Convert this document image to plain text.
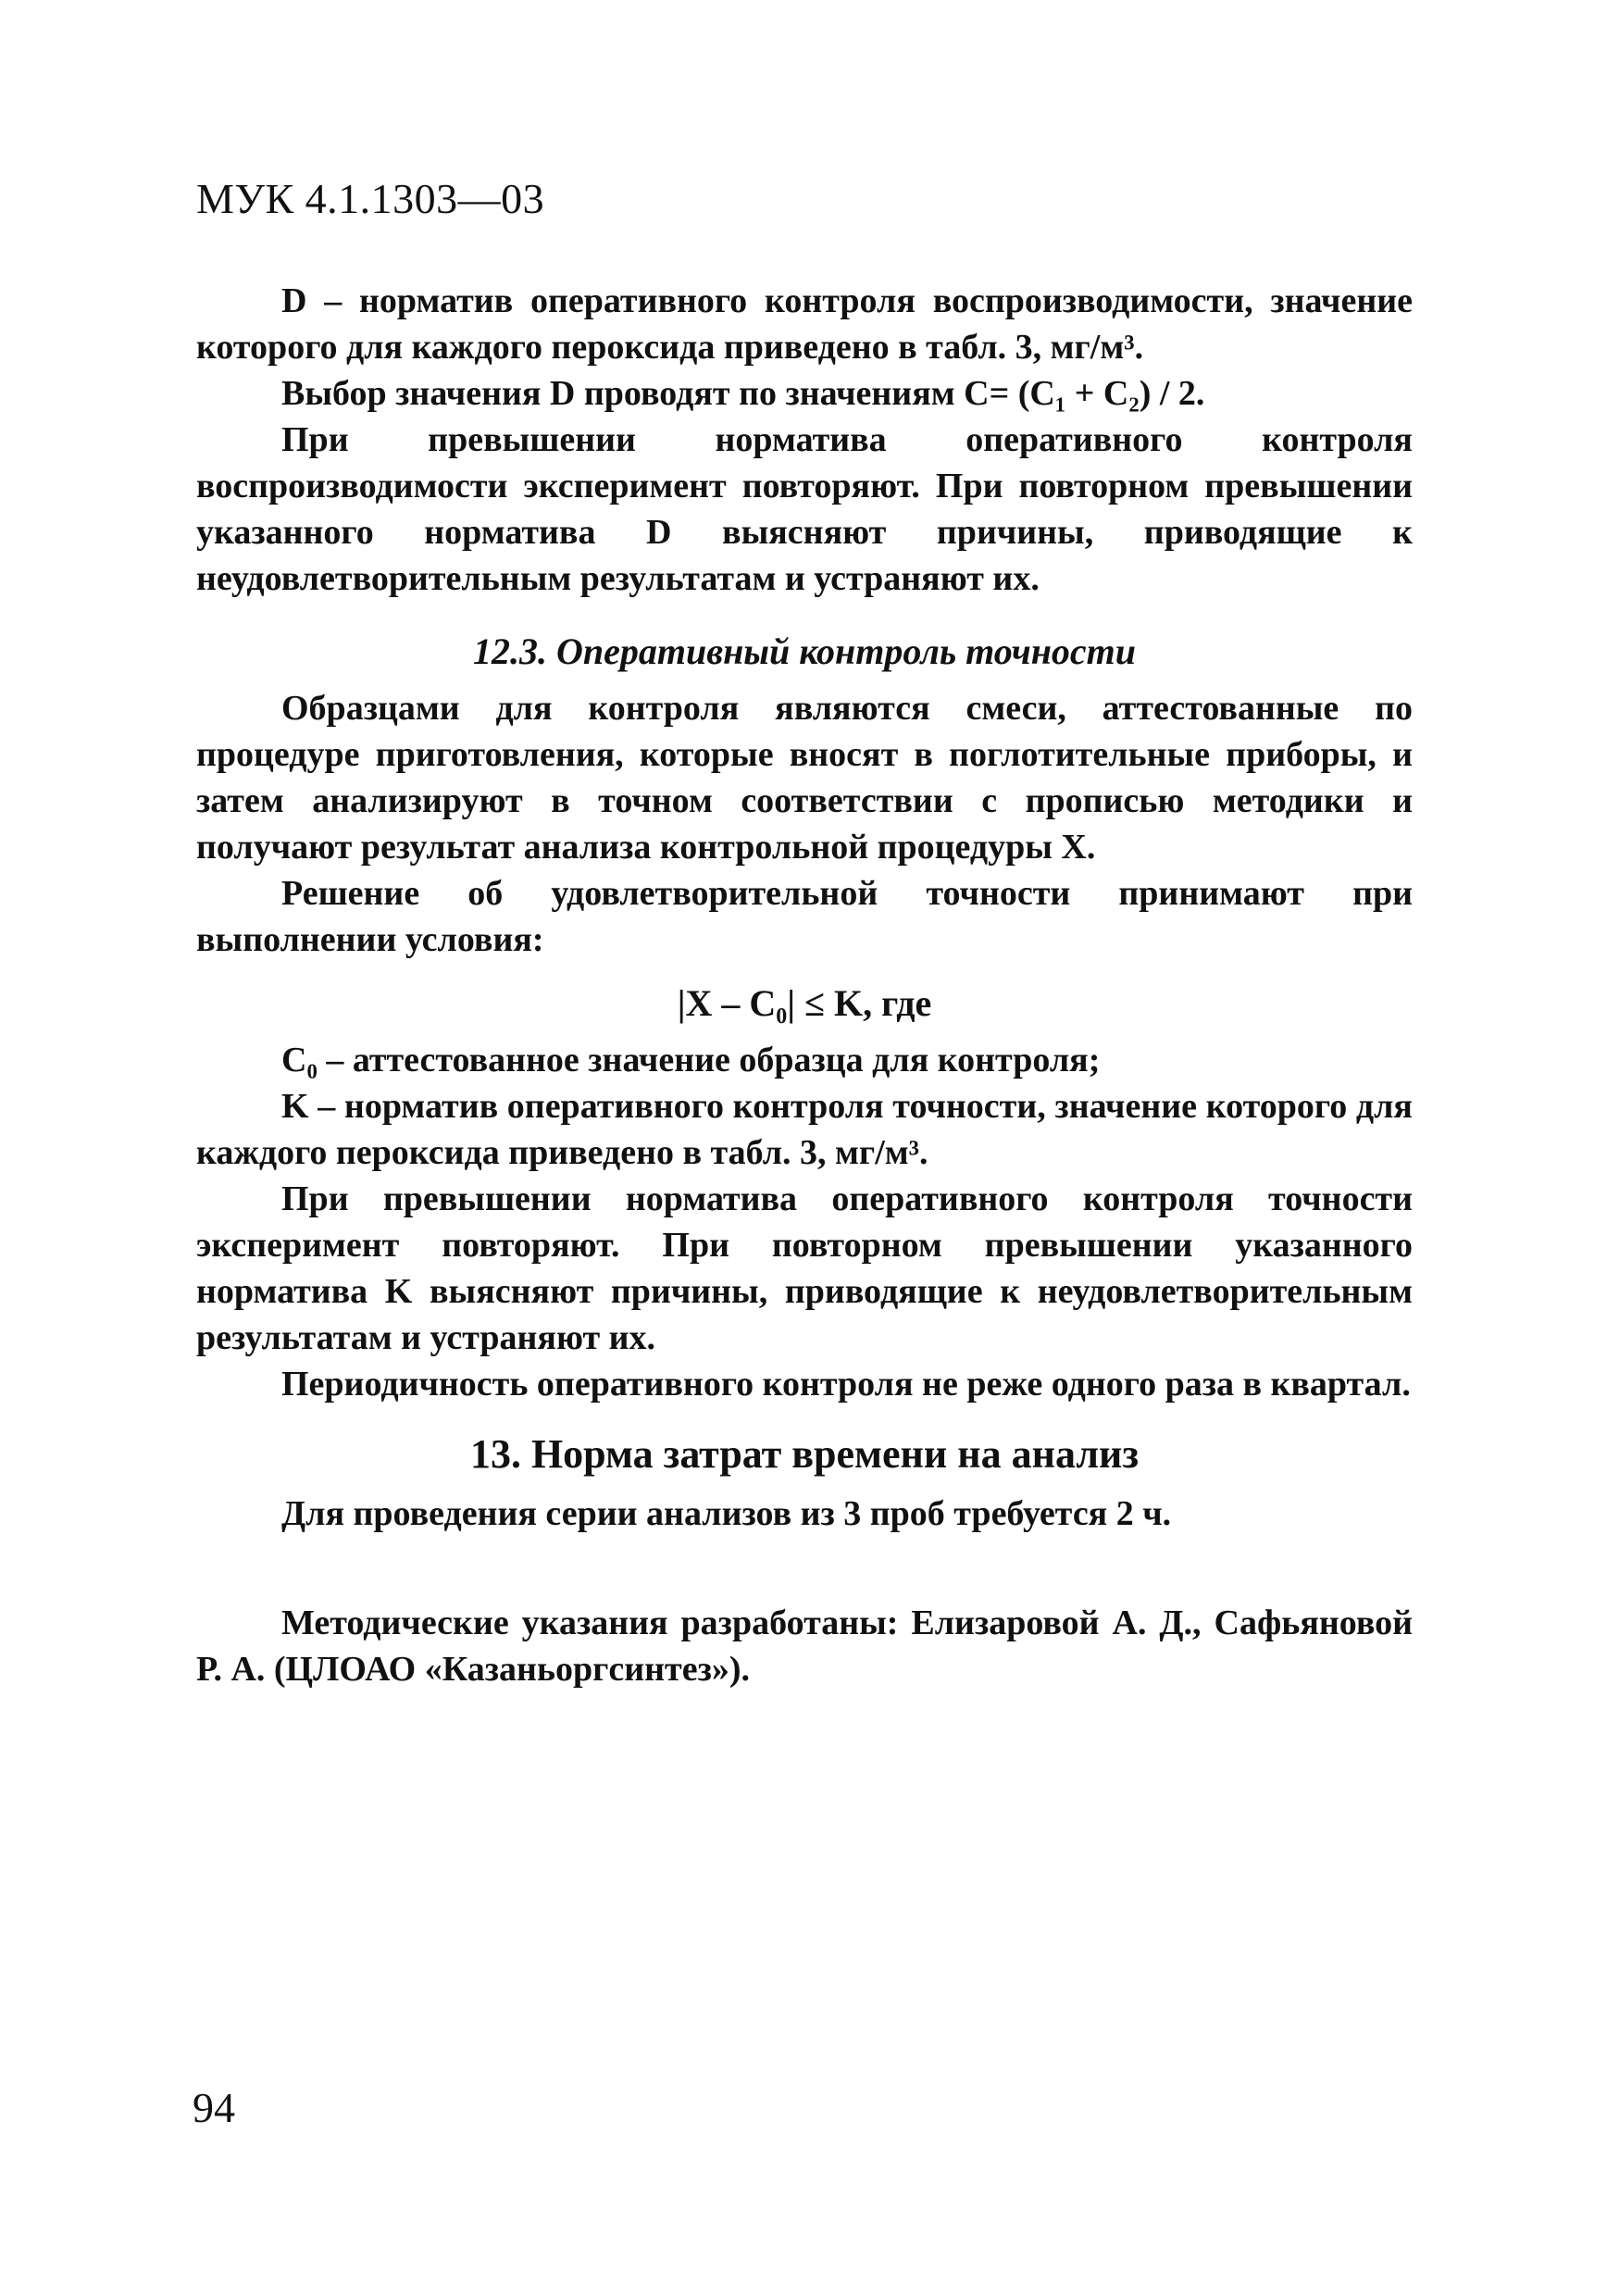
МУК 4.1.1303—03

D – норматив оперативного контроля воспроизводимости, значение которого для каждого пероксида приведено в табл. 3, мг/м³.

Выбор значения D проводят по значениям C= (C₁ + C₂) / 2.

При превышении норматива оперативного контроля воспроизводимости эксперимент повторяют. При повторном превышении указанного норматива D выясняют причины, приводящие к неудовлетворительным результатам и устраняют их.

12.3. Оперативный контроль точности

Образцами для контроля являются смеси, аттестованные по процедуре приготовления, которые вносят в поглотительные приборы, и затем анализируют в точном соответствии с прописью методики и получают результат анализа контрольной процедуры X.

Решение об удовлетворительной точности принимают при выполнении условия:

|X – C₀| ≤ K, где

C₀ – аттестованное значение образца для контроля;

K – норматив оперативного контроля точности, значение которого для каждого пероксида приведено в табл. 3, мг/м³.

При превышении норматива оперативного контроля точности эксперимент повторяют. При повторном превышении указанного норматива K выясняют причины, приводящие к неудовлетворительным результатам и устраняют их.

Периодичность оперативного контроля не реже одного раза в квартал.

13. Норма затрат времени на анализ

Для проведения серии анализов из 3 проб требуется 2 ч.

Методические указания разработаны: Елизаровой А. Д., Сафьяновой Р. А. (ЦЛОАО «Казаньоргсинтез»).

94
